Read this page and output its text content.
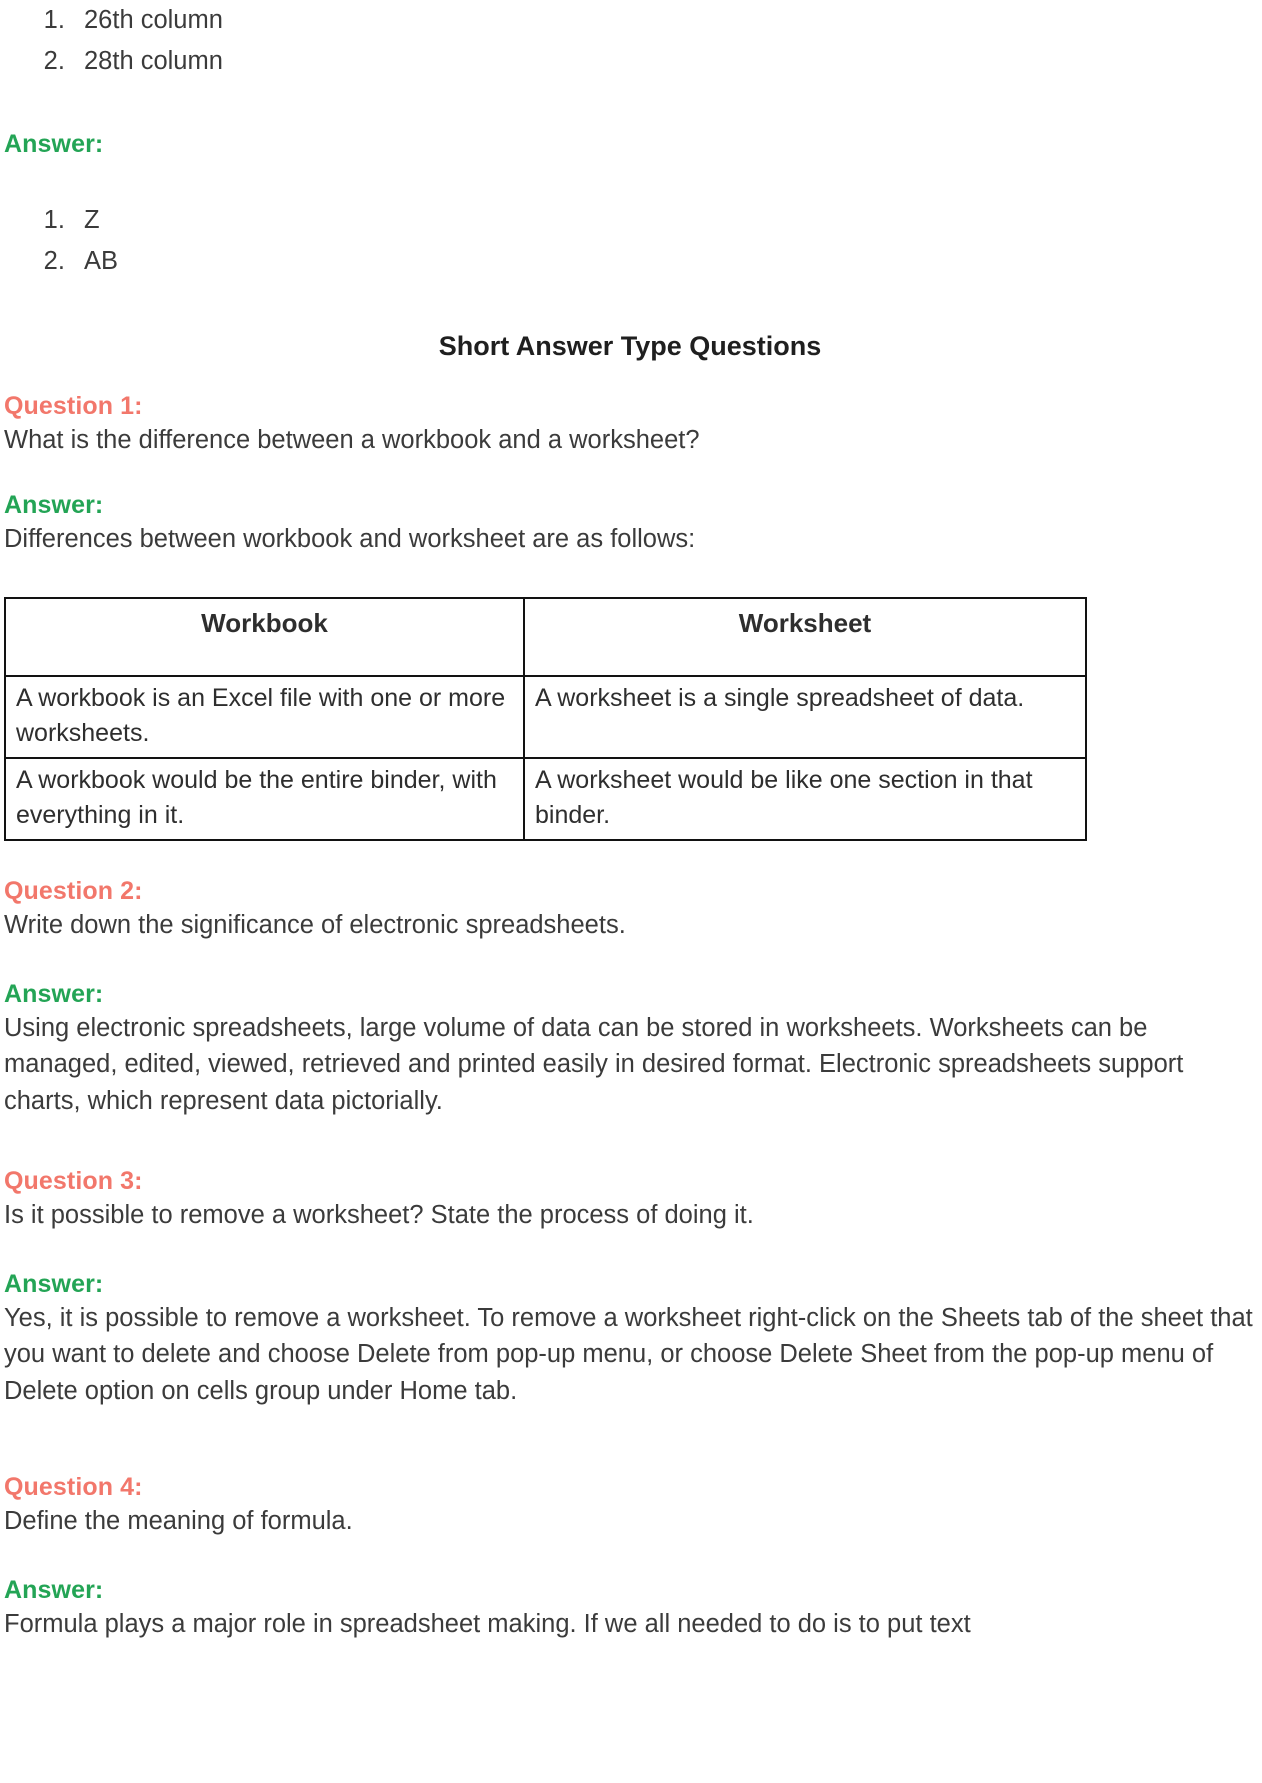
1. 26th column
2. 28th column
Answer:
1. Z
2. AB
Short Answer Type Questions
Question 1:

What is the difference between a workbook and a worksheet?

Answer:

Differences between workbook and worksheet are as follows:

Workbook	Worksheet
A workbook is an Excel file with one or more worksheets.	A worksheet is a single spreadsheet of data.
A workbook would be the entire binder, with everything in it.	A worksheet would be like one section in that binder.
Question 2:

Write down the significance of electronic spreadsheets.

Answer:

Using electronic spreadsheets, large volume of data can be stored in worksheets. Worksheets can be managed, edited, viewed, retrieved and printed easily in desired format. Electronic spreadsheets support charts, which represent data pictorially.

Question 3:

Is it possible to remove a worksheet? State the process of doing it.

Answer:

Yes, it is possible to remove a worksheet. To remove a worksheet right-click on the Sheets tab of the sheet that you want to delete and choose Delete from pop-up menu, or choose Delete Sheet from the pop-up menu of Delete option on cells group under Home tab.

Question 4:

Define the meaning of formula.

Answer:

Formula plays a major role in spreadsheet making. If we all needed to do is to put text
